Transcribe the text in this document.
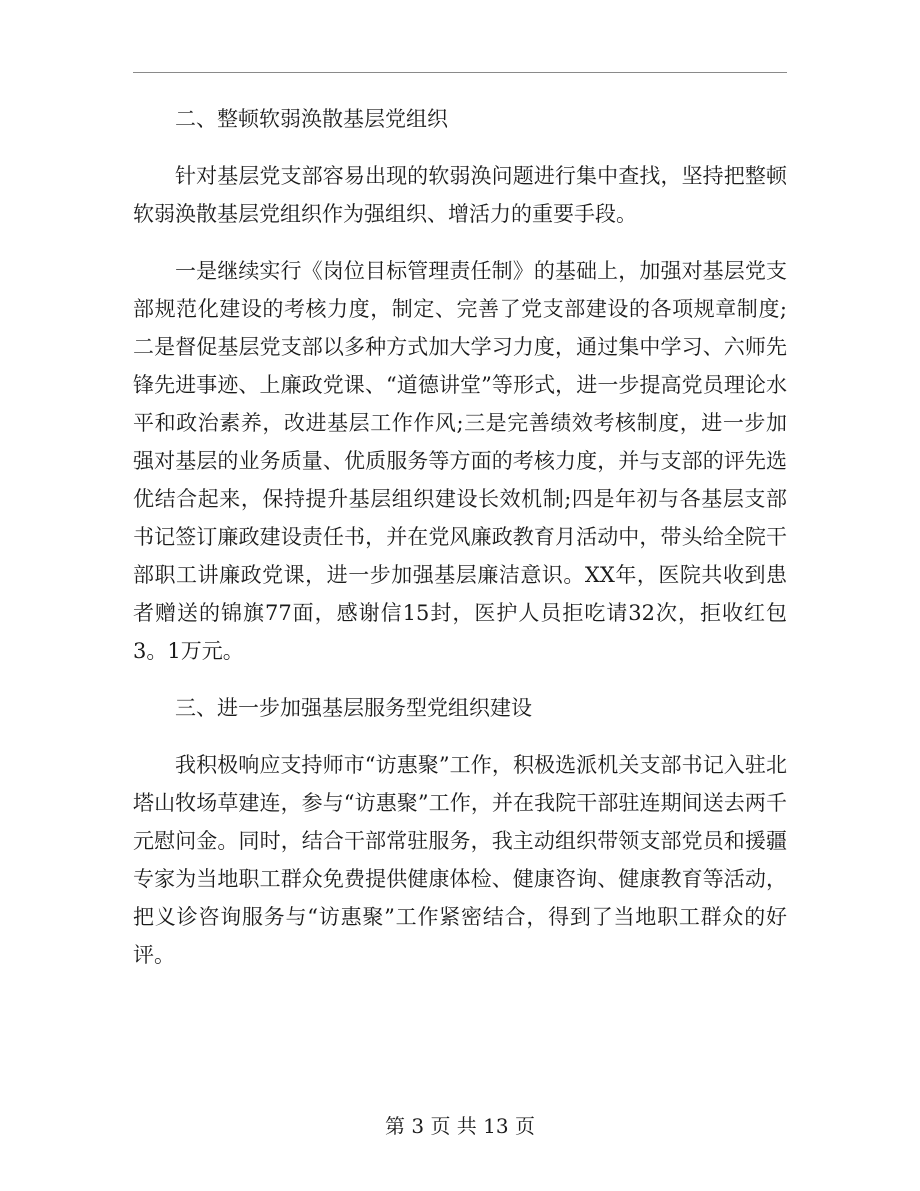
二、整顿软弱涣散基层党组织

针对基层党支部容易出现的软弱涣问题进行集中查找，坚持把整顿软弱涣散基层党组织作为强组织、增活力的重要手段。

一是继续实行《岗位目标管理责任制》的基础上，加强对基层党支部规范化建设的考核力度，制定、完善了党支部建设的各项规章制度;二是督促基层党支部以多种方式加大学习力度，通过集中学习、六师先锋先进事迹、上廉政党课、“道德讲堂”等形式，进一步提高党员理论水平和政治素养，改进基层工作作风;三是完善绩效考核制度，进一步加强对基层的业务质量、优质服务等方面的考核力度，并与支部的评先选优结合起来，保持提升基层组织建设长效机制;四是年初与各基层支部书记签订廉政建设责任书，并在党风廉政教育月活动中，带头给全院干部职工讲廉政党课，进一步加强基层廉洁意识。XX年，医院共收到患者赠送的锦旗77面，感谢信15封，医护人员拒吃请32次，拒收红包3。1万元。

三、进一步加强基层服务型党组织建设

我积极响应支持师市“访惠聚”工作，积极选派机关支部书记入驻北塔山牧场草建连，参与“访惠聚”工作，并在我院干部驻连期间送去两千元慰问金。同时，结合干部常驻服务，我主动组织带领支部党员和援疆专家为当地职工群众免费提供健康体检、健康咨询、健康教育等活动，把义诊咨询服务与“访惠聚”工作紧密结合，得到了当地职工群众的好评。

第 3 页 共 13 页
